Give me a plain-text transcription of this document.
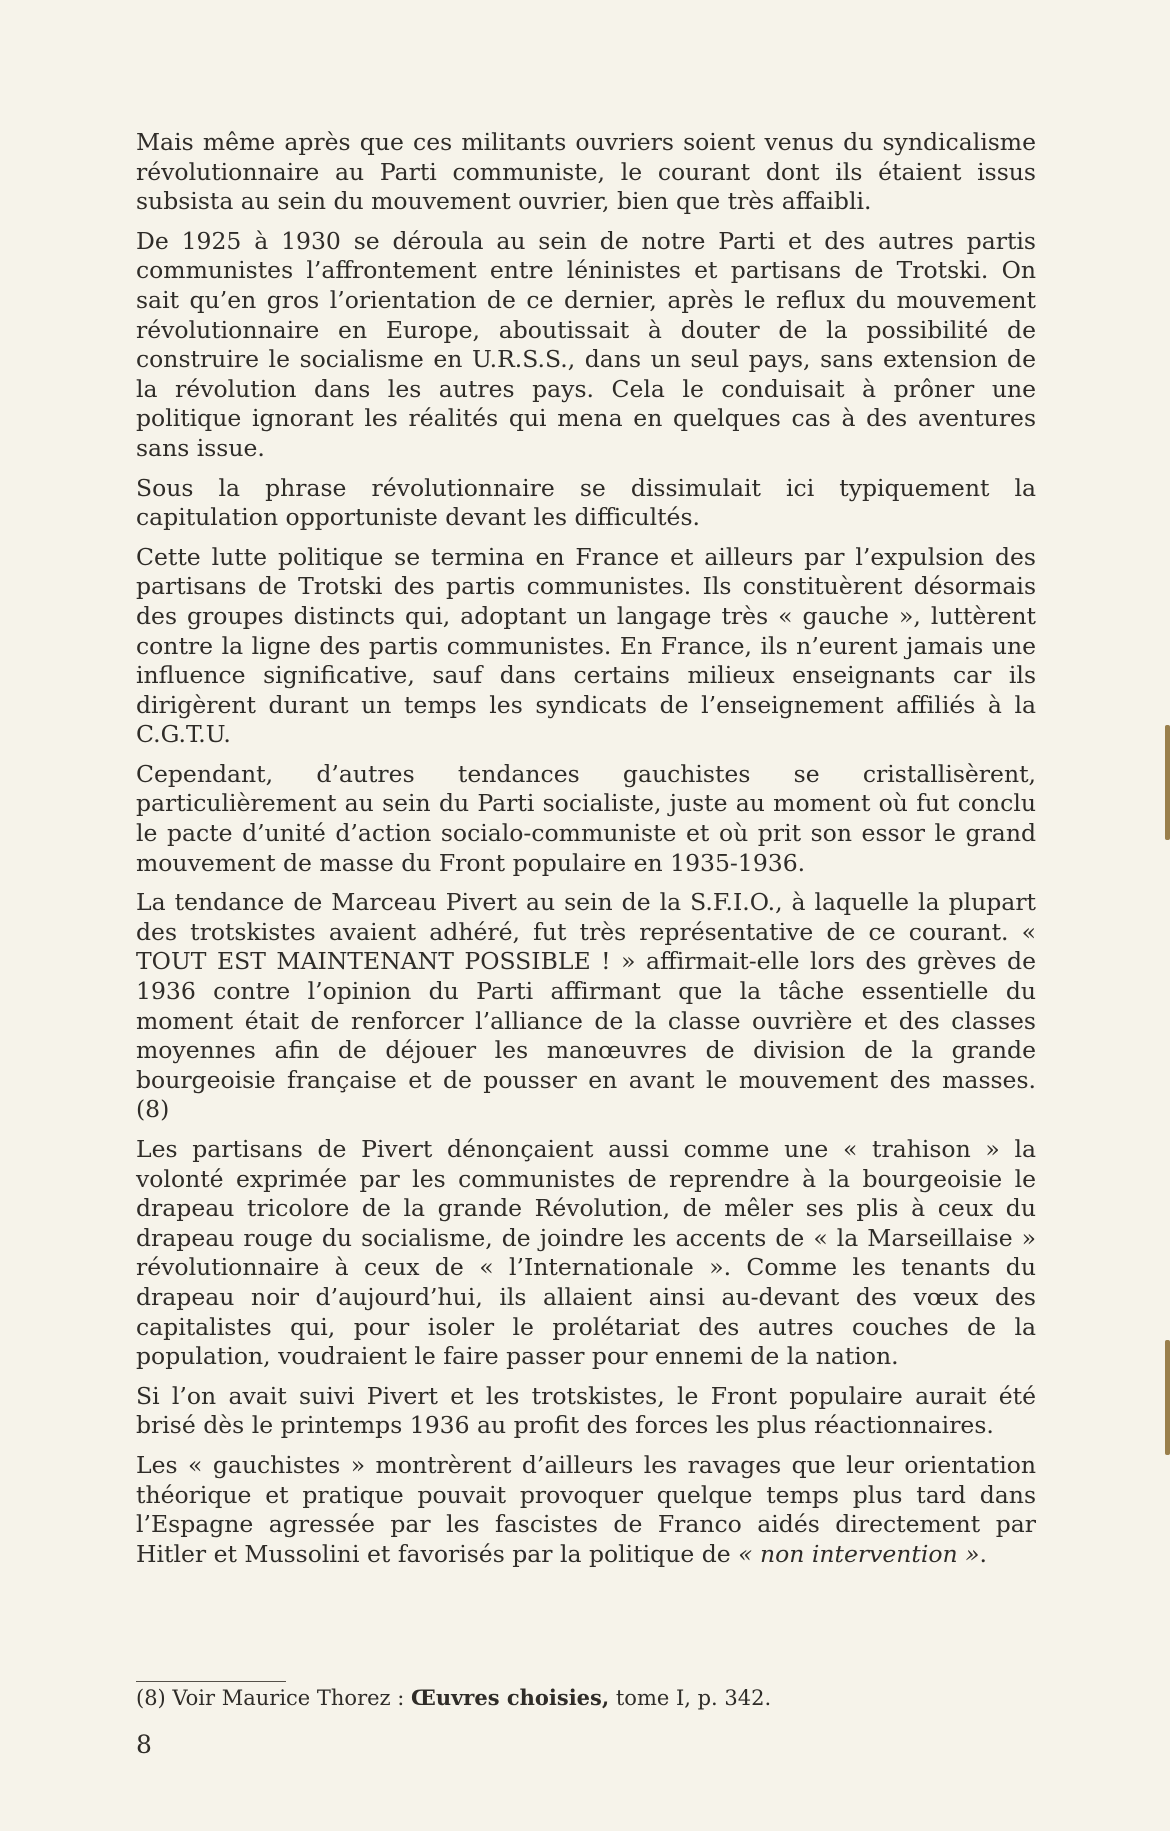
Mais même après que ces militants ouvriers soient venus du syndicalisme révolutionnaire au Parti communiste, le courant dont ils étaient issus subsista au sein du mouvement ouvrier, bien que très affaibli.

De 1925 à 1930 se déroula au sein de notre Parti et des autres partis communistes l’affrontement entre léninistes et partisans de Trotski. On sait qu’en gros l’orientation de ce dernier, après le reflux du mouvement révolutionnaire en Europe, aboutissait à douter de la possibilité de construire le socialisme en U.R.S.S., dans un seul pays, sans extension de la révolution dans les autres pays. Cela le conduisait à prôner une politique ignorant les réalités qui mena en quelques cas à des aventures sans issue.

Sous la phrase révolutionnaire se dissimulait ici typiquement la capitulation opportuniste devant les difficultés.

Cette lutte politique se termina en France et ailleurs par l’expulsion des partisans de Trotski des partis communistes. Ils constituèrent désormais des groupes distincts qui, adoptant un langage très « gauche », luttèrent contre la ligne des partis communistes. En France, ils n’eurent jamais une influence significative, sauf dans certains milieux enseignants car ils dirigèrent durant un temps les syndicats de l’enseignement affiliés à la C.G.T.U.

Cependant, d’autres tendances gauchistes se cristallisèrent, particulièrement au sein du Parti socialiste, juste au moment où fut conclu le pacte d’unité d’action socialo-communiste et où prit son essor le grand mouvement de masse du Front populaire en 1935-1936.

La tendance de Marceau Pivert au sein de la S.F.I.O., à laquelle la plupart des trotskistes avaient adhéré, fut très représentative de ce courant. « TOUT EST MAINTENANT POSSIBLE ! » affirmait-elle lors des grèves de 1936 contre l’opinion du Parti affirmant que la tâche essentielle du moment était de renforcer l’alliance de la classe ouvrière et des classes moyennes afin de déjouer les manœuvres de division de la grande bourgeoisie française et de pousser en avant le mouvement des masses. (8)

Les partisans de Pivert dénonçaient aussi comme une « trahison » la volonté exprimée par les communistes de reprendre à la bourgeoisie le drapeau tricolore de la grande Révolution, de mêler ses plis à ceux du drapeau rouge du socialisme, de joindre les accents de « la Marseillaise » révolutionnaire à ceux de « l’Internationale ». Comme les tenants du drapeau noir d’aujourd’hui, ils allaient ainsi au-devant des vœux des capitalistes qui, pour isoler le prolétariat des autres couches de la population, voudraient le faire passer pour ennemi de la nation.

Si l’on avait suivi Pivert et les trotskistes, le Front populaire aurait été brisé dès le printemps 1936 au profit des forces les plus réactionnaires.

Les « gauchistes » montrèrent d’ailleurs les ravages que leur orientation théorique et pratique pouvait provoquer quelque temps plus tard dans l’Espagne agressée par les fascistes de Franco aidés directement par Hitler et Mussolini et favorisés par la politique de « non intervention ».

(8) Voir Maurice Thorez : Œuvres choisies, tome I, p. 342.
8
